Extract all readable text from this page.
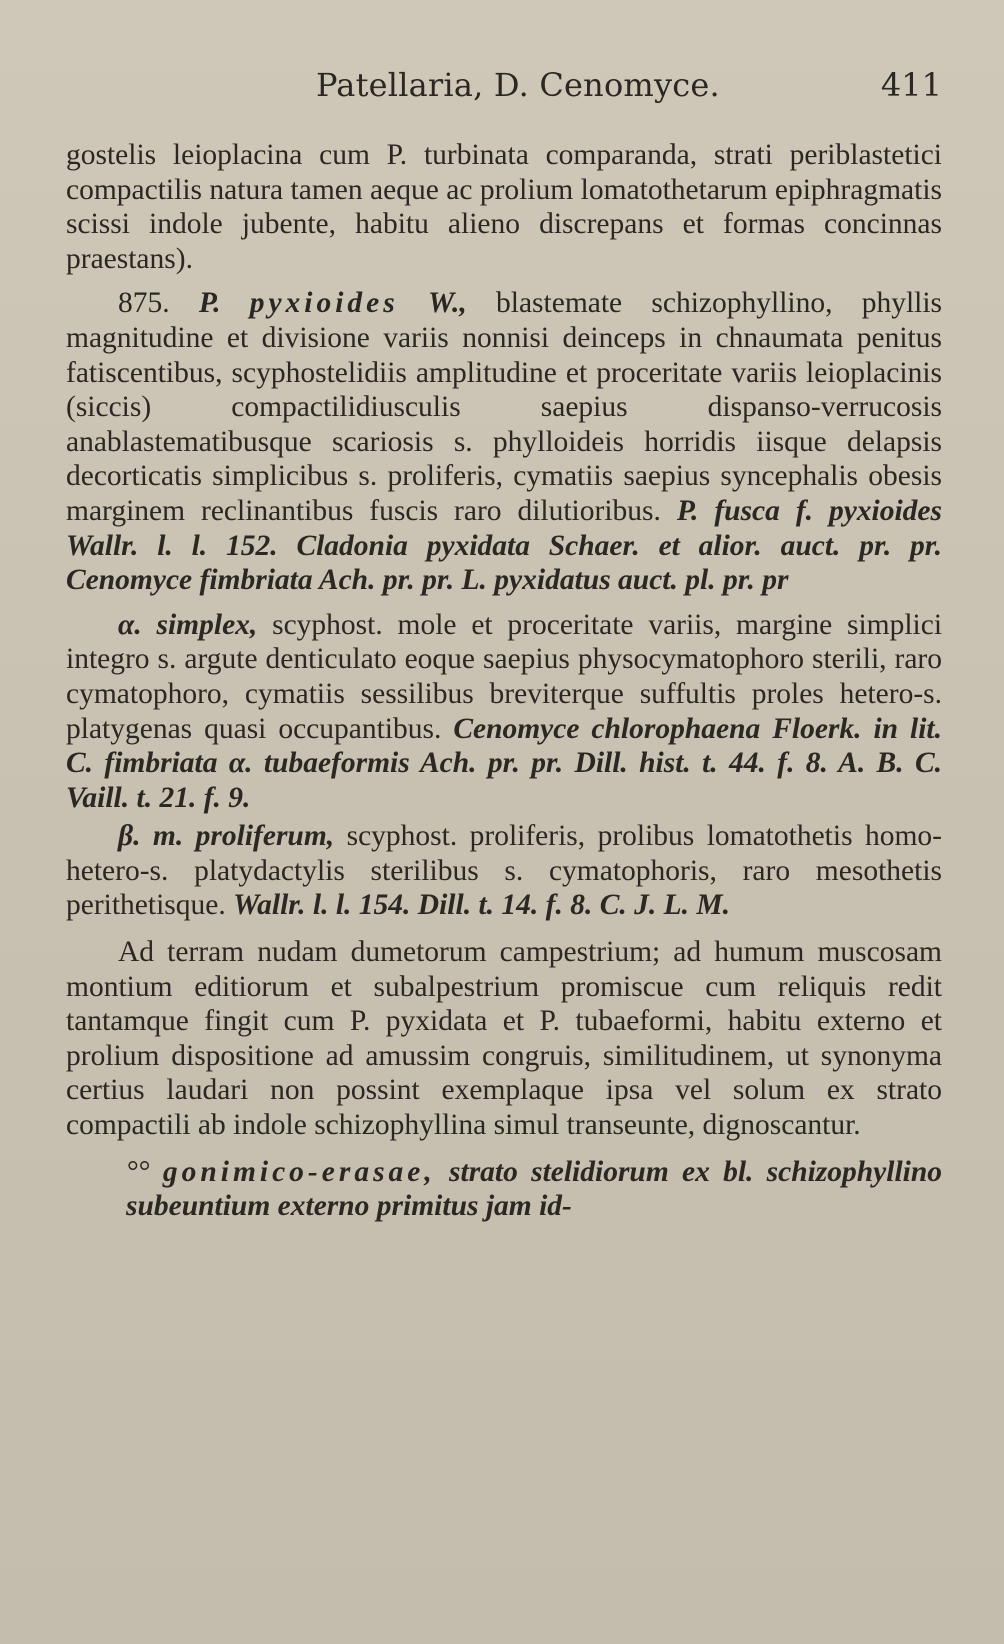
Patellaria, D. Cenomyce.	411

gostelis leioplacina cum P. turbinata comparanda, strati periblastetici compactilis natura tamen aeque ac prolium lomatothetarum epiphragmatis scissi indole jubente, habitu alieno discrepans et formas concinnas praestans).

875. P. pyxioides W., blastemate schizophyllino, phyllis magnitudine et divisione variis nonnisi deinceps in chnaumata penitus fatiscentibus, scyphostelidiis amplitudine et proceritate variis leioplacinis (siccis) compactilidiusculis saepius dispanso-verrucosis anablastematibusque scariosis s. phylloideis horridis iisque delapsis decorticatis simplicibus s. proliferis, cymatiis saepius syncephalis obesis marginem reclinantibus fuscis raro dilutioribus. P. fusca f. pyxioides Wallr. l. l. 152. Cladonia pyxidata Schaer. et alior. auct. pr. pr. Cenomyce fimbriata Ach. pr. pr. L. pyxidatus auct. pl. pr. pr

α. simplex, scyphost. mole et proceritate variis, margine simplici integro s. argute denticulato eoque saepius physocymatophoro sterili, raro cymatophoro, cymatiis sessilibus breviterque suffultis proles hetero-s. platygenas quasi occupantibus. Cenomyce chlorophaena Floerk. in lit. C. fimbriata α. tubaeformis Ach. pr. pr. Dill. hist. t. 44. f. 8. A. B. C. Vaill. t. 21. f. 9.

β. m. proliferum, scyphost. proliferis, prolibus lomatothetis homo-hetero-s. platydactylis sterilibus s. cymatophoris, raro mesothetis perithetisque. Wallr. l. l. 154. Dill. t. 14. f. 8. C. J. L. M.

Ad terram nudam dumetorum campestrium; ad humum muscosam montium editiorum et subalpestrium promiscue cum reliquis redit tantamque fingit cum P. pyxidata et P. tubaeformi, habitu externo et prolium dispositione ad amussim congruis, similitudinem, ut synonyma certius laudari non possint exemplaque ipsa vel solum ex strato compactili ab indole schizophyllina simul transeunte, dignoscantur.

°° gonimico-erasae, strato stelidiorum ex bl. schizophyllino subeuntium externo primitus jam id-
